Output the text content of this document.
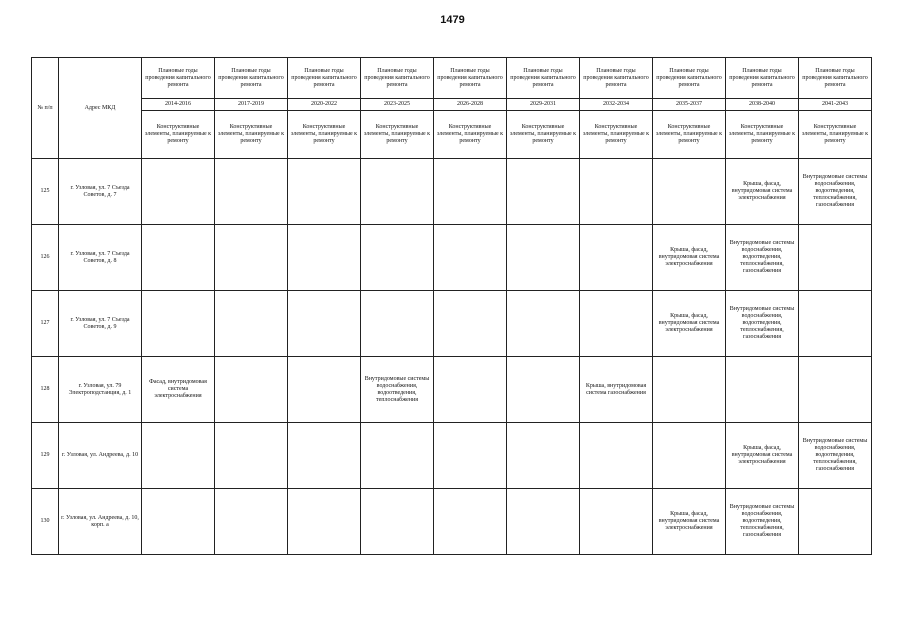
1479
№ п/п	Адрес МКД	Плановые годы проведения капитального ремонта	Плановые годы проведения капитального ремонта	Плановые годы проведения капитального ремонта	Плановые годы проведения капитального ремонта	Плановые годы проведения капитального ремонта	Плановые годы проведения капитального ремонта	Плановые годы проведения капитального ремонта	Плановые годы проведения капитального ремонта	Плановые годы проведения капитального ремонта	Плановые годы проведения капитального ремонта
		2014-2016	2017-2019	2020-2022	2023-2025	2026-2028	2029-2031	2032-2034	2035-2037	2038-2040	2041-2043
		Конструктивные элементы, планируемые к ремонту	Конструктивные элементы, планируемые к ремонту	Конструктивные элементы, планируемые к ремонту	Конструктивные элементы, планируемые к ремонту	Конструктивные элементы, планируемые к ремонту	Конструктивные элементы, планируемые к ремонту	Конструктивные элементы, планируемые к ремонту	Конструктивные элементы, планируемые к ремонту	Конструктивные элементы, планируемые к ремонту	Конструктивные элементы, планируемые к ремонту
125	г. Узловая, ул. 7 Съезда Советов, д. 7									Крыша, фасад, внутридомовая система электроснабжения	Внутридомовые системы водоснабжения, водоотведения, теплоснабжения, газоснабжения
126	г. Узловая, ул. 7 Съезда Советов, д. 8								Крыша, фасад, внутридомовая система электроснабжения	Внутридомовые системы водоснабжения, водоотведения, теплоснабжения, газоснабжения	
127	г. Узловая, ул. 7 Съезда Советов, д. 9								Крыша, фасад, внутридомовая система электроснабжения	Внутридомовые системы водоснабжения, водоотведения, теплоснабжения, газоснабжения	
128	г. Узловая, ул. 79 Электроподстанция, д. 1	Фасад, внутридомовая система электроснабжения			Внутридомовые системы водоснабжения, водоотведения, теплоснабжения			Крыша, внутридомовая система газоснабжения			
129	г. Узловая, ул. Андреева, д. 10									Крыша, фасад, внутридомовая система электроснабжения	Внутридомовые системы водоснабжения, водоотведения, теплоснабжения, газоснабжения
130	г. Узловая, ул. Андреева, д. 10, корп. а								Крыша, фасад, внутридомовая система электроснабжения	Внутридомовые системы водоснабжения, водоотведения, теплоснабжения, газоснабжения	
